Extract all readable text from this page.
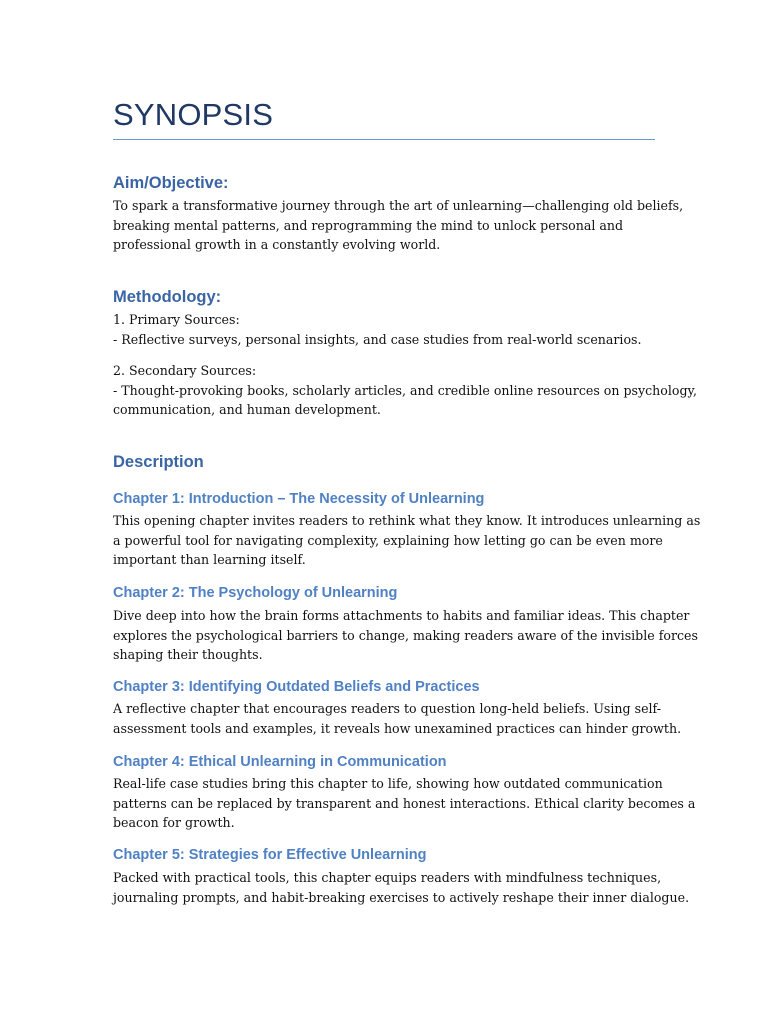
SYNOPSIS
Aim/Objective:

To spark a transformative journey through the art of unlearning—challenging old beliefs,
breaking mental patterns, and reprogramming the mind to unlock personal and
professional growth in a constantly evolving world.

Methodology:

1. Primary Sources:
- Reflective surveys, personal insights, and case studies from real-world scenarios.

2. Secondary Sources:
- Thought-provoking books, scholarly articles, and credible online resources on psychology,
communication, and human development.

Description
Chapter 1: Introduction – The Necessity of Unlearning

This opening chapter invites readers to rethink what they know. It introduces unlearning as
a powerful tool for navigating complexity, explaining how letting go can be even more
important than learning itself.

Chapter 2: The Psychology of Unlearning

Dive deep into how the brain forms attachments to habits and familiar ideas. This chapter
explores the psychological barriers to change, making readers aware of the invisible forces
shaping their thoughts.

Chapter 3: Identifying Outdated Beliefs and Practices

A reflective chapter that encourages readers to question long-held beliefs. Using self-
assessment tools and examples, it reveals how unexamined practices can hinder growth.

Chapter 4: Ethical Unlearning in Communication

Real-life case studies bring this chapter to life, showing how outdated communication
patterns can be replaced by transparent and honest interactions. Ethical clarity becomes a
beacon for growth.

Chapter 5: Strategies for Effective Unlearning

Packed with practical tools, this chapter equips readers with mindfulness techniques,
journaling prompts, and habit-breaking exercises to actively reshape their inner dialogue.
